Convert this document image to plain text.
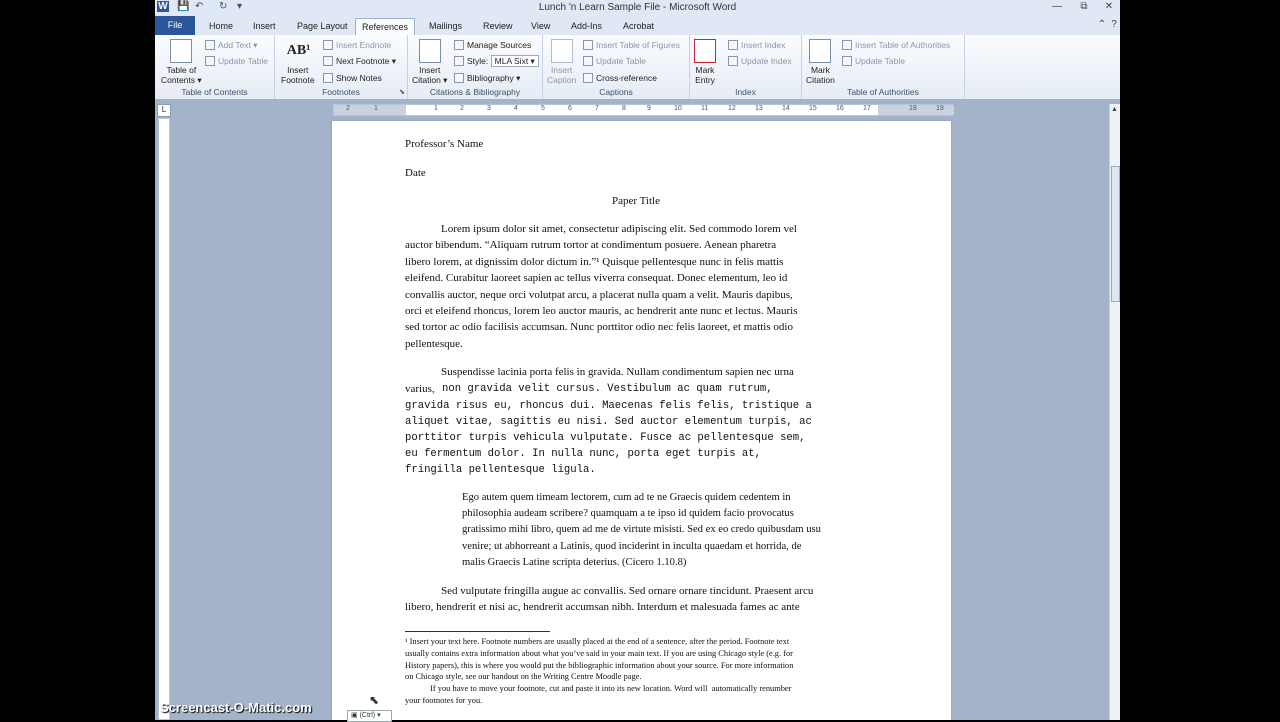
W 💾 ↶ ↻ ▾	Lunch 'n Learn Sample File - Microsoft Word	—	⧉	✕
File	Home	Insert	Page Layout	References	Mailings	Review	View	Add-Ins	Acrobat	⌃ ?
Table of
Contents ▾
Add Text ▾
Update Table
Table of Contents
AB¹
Insert
Footnote
Insert Endnote
Next Footnote ▾
Show Notes
Footnotes	⬊
Insert
Citation ▾
Manage Sources
Style: MLA Sixt ▾
Bibliography ▾
Citations & Bibliography
Insert
Caption
Insert Table of Figures
Update Table
Cross-reference
Captions
Mark
Entry
Insert Index
Update Index
Index
Mark
Citation
Insert Table of Authorities
Update Table
Table of Authorities
L	2	1	1	2	3	4	5	6	7	8	9	10	11	12	13	14	15	16	17	18	19
Professor’s Name
Date
Paper Title
Lorem ipsum dolor sit amet, consectetur adipiscing elit. Sed commodo lorem vel
auctor bibendum. “Aliquam rutrum tortor at condimentum posuere. Aenean pharetra
libero lorem, at dignissim dolor dictum in.”¹ Quisque pellentesque nunc in felis mattis
eleifend. Curabitur laoreet sapien ac tellus viverra consequat. Donec elementum, leo id
convallis auctor, neque orci volutpat arcu, a placerat nulla quam a velit. Mauris dapibus,
orci et eleifend rhoncus, lorem leo auctor mauris, ac hendrerit ante nunc et lectus. Mauris
sed tortor ac odio facilisis accumsan. Nunc porttitor odio nec felis laoreet, et mattis odio
pellentesque.
Suspendisse lacinia porta felis in gravida. Nullam condimentum sapien nec urna
varius, non gravida velit cursus. Vestibulum ac quam rutrum,
gravida risus eu, rhoncus dui. Maecenas felis felis, tristique a
aliquet vitae, sagittis eu nisi. Sed auctor elementum turpis, ac
porttitor turpis vehicula vulputate. Fusce ac pellentesque sem,
eu fermentum dolor. In nulla nunc, porta eget turpis at,
fringilla pellentesque ligula.
Ego autem quem timeam lectorem, cum ad te ne Graecis quidem cedentem in
philosophia audeam scribere? quamquam a te ipso id quidem facio provocatus
gratissimo mihi libro, quem ad me de virtute misisti. Sed ex eo credo quibusdam usu
venire; ut abhorreant a Latinis, quod inciderint in inculta quaedam et horrida, de
malis Graecis Latine scripta deterius. (Cicero 1.10.8)
Sed vulputate fringilla augue ac convallis. Sed ornare ornare tincidunt. Praesent arcu
libero, hendrerit et nisi ac, hendrerit accumsan nibh. Interdum et malesuada fames ac ante
¹ Insert your text here. Footnote numbers are usually placed at the end of a sentence, after the period. Footnote text
usually contains extra information about what you’ve said in your main text. If you are using Chicago style (e.g. for
History papers), this is where you would put the bibliographic information about your source. For more information
on Chicago style, see our handout on the Writing Centre Moodle page.
If you have to move your footnote, cut and paste it into its new location. Word will  automatically renumber
your footnotes for you.
▲
▣ (Ctrl) ▾
⬉
Screencast-O-Matic.com
